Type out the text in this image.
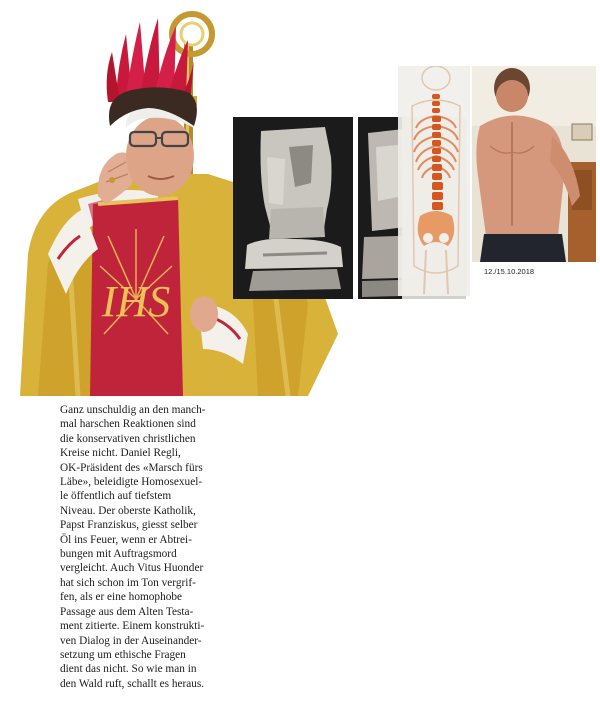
IHS
12./15.10.2018

Ganz unschuldig an den manch-
mal harschen Reaktionen sind
die konservativen christlichen
Kreise nicht. Daniel Regli,
OK-Präsident des «Marsch fürs
Läbe», beleidigte Homosexuel-
le öffentlich auf tiefstem
Niveau. Der oberste Katholik,
Papst Franziskus, giesst selber
Öl ins Feuer, wenn er Abtrei-
bungen mit Auftragsmord
vergleicht. Auch Vitus Huonder
hat sich schon im Ton vergrif-
fen, als er eine homophobe
Passage aus dem Alten Testa-
ment zitierte. Einem konstrukti-
ven Dialog in der Auseinander-
setzung um ethische Fragen
dient das nicht. So wie man in
den Wald ruft, schallt es heraus.
